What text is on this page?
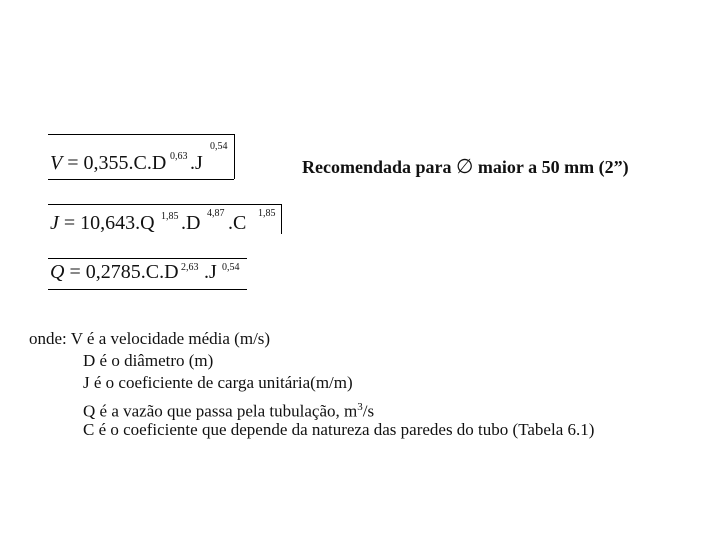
V = 0,355.C.D 0,63 .J
0,54
J = 10,643.Q 1,85 .D 4,87 .C 1,85
Q = 0,2785.C.D 2,63 .J 0,54
Recomendada para ∅ maior a 50 mm (2”)
onde: V é a velocidade média (m/s)
D é o diâmetro (m)
J é o coeficiente de carga unitária(m/m)
Q é a vazão que passa pela tubulação, $m^3/s$
C é o coeficiente que depende da natureza das paredes do tubo (Tabela 6.1)
